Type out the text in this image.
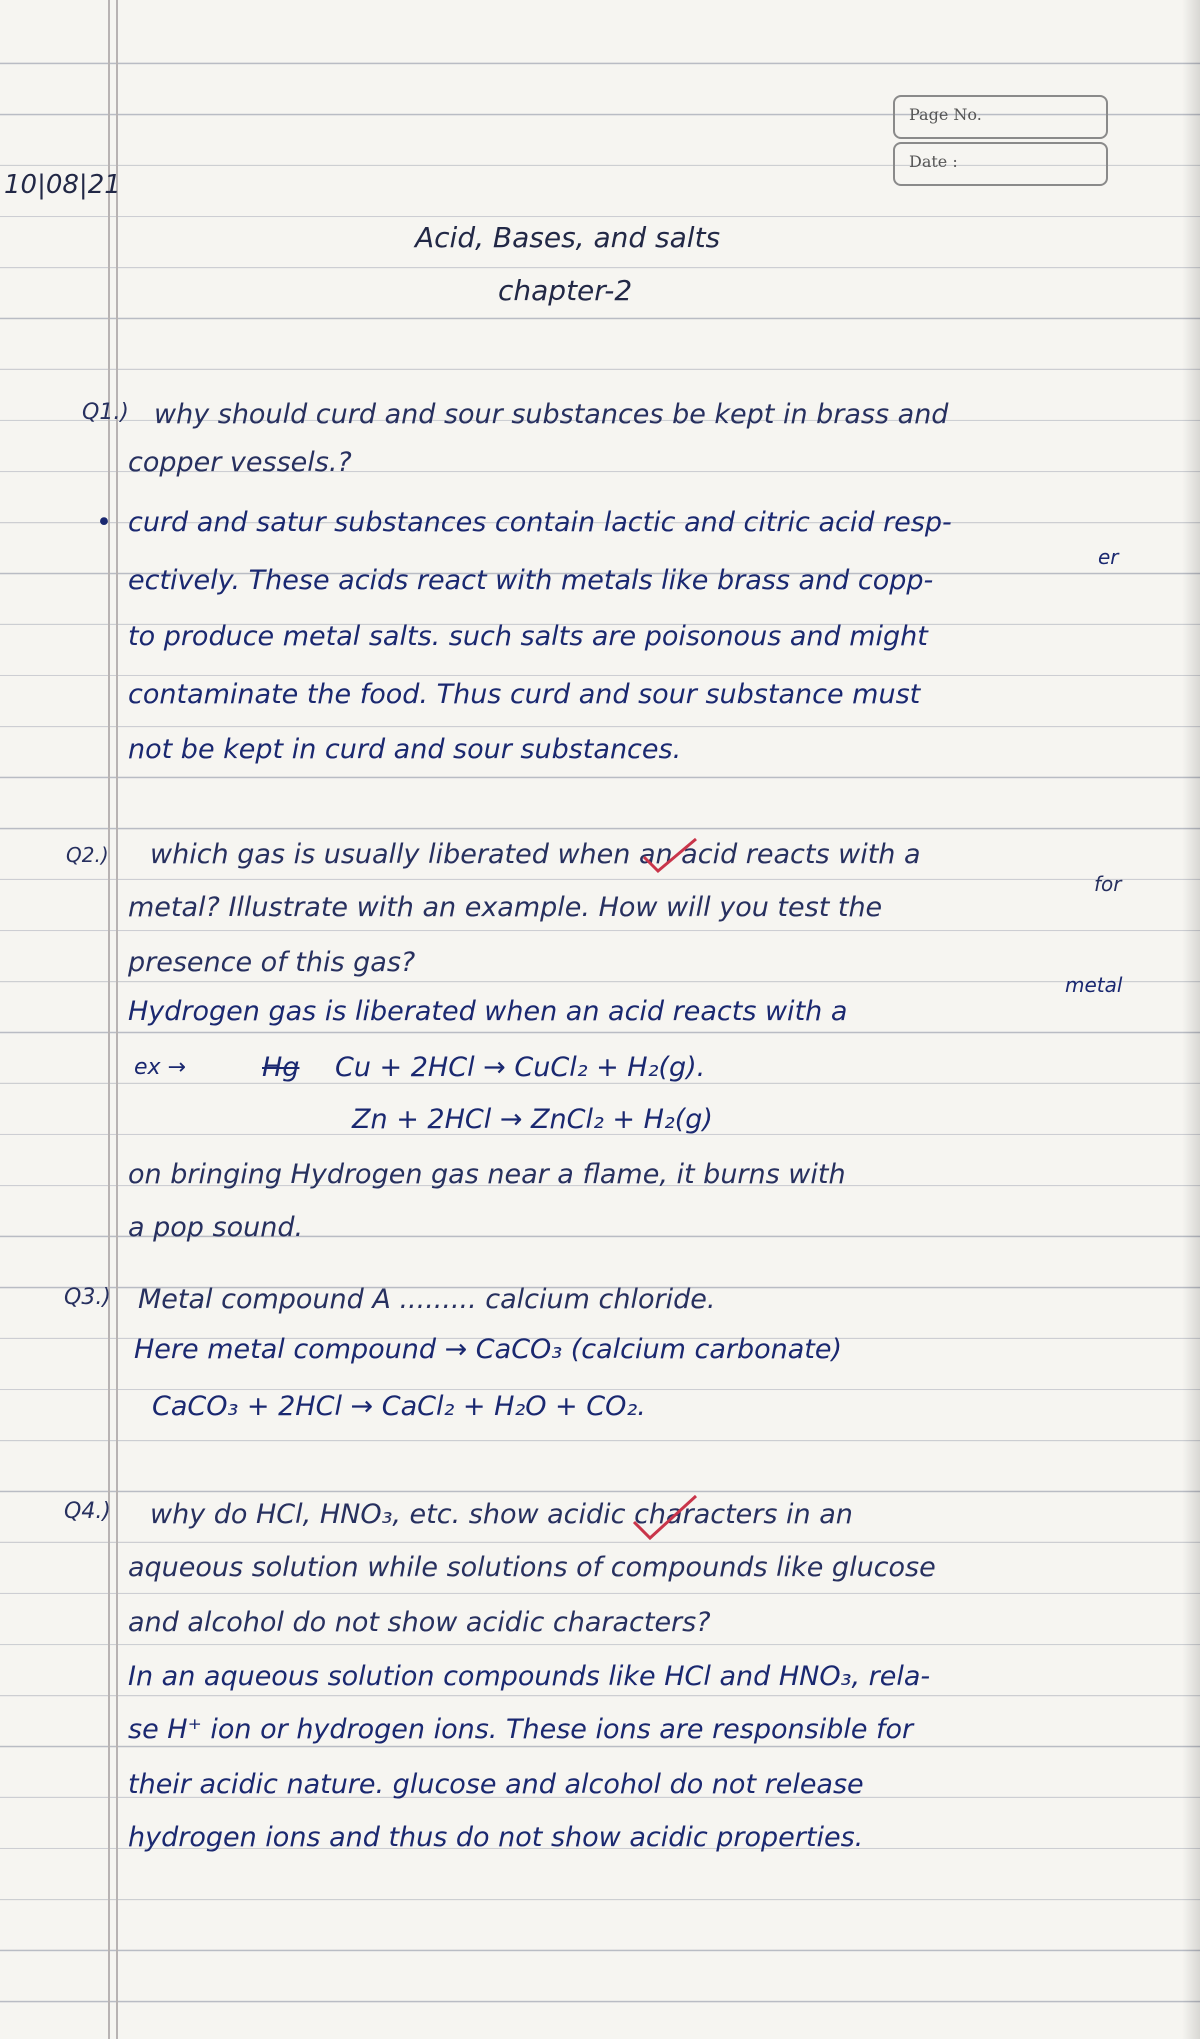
Page No.
Date :
10|08|21
Acid, Bases, and salts
chapter-2
Q1.) why should curd and sour substances be kept in brass and
copper vessels.?
• curd and satur substances contain lactic and citric acid resp-
er
ectively. These acids react with metals like brass and copp-
to produce metal salts. such salts are poisonous and might
contaminate the food. Thus curd and sour substance must
not be kept in curd and sour substances.
Q2.) which gas is usually liberated when an acid reacts with a
for
metal? Illustrate with an example. How will you test the
presence of this gas?
metal
Hydrogen gas is liberated when an acid reacts with a
ex →	Hg Cu + 2HCl → CuCl₂ + H₂(g).
Zn + 2HCl → ZnCl₂ + H₂(g)
on bringing Hydrogen gas near a flame, it burns with
a pop sound.
Q3.) Metal compound A ......... calcium chloride.
Here metal compound → CaCO₃ (calcium carbonate)
CaCO₃ + 2HCl → CaCl₂ + H₂O + CO₂.
Q4.) why do HCl, HNO₃, etc. show acidic characters in an
aqueous solution while solutions of compounds like glucose
and alcohol do not show acidic characters?
In an aqueous solution compounds like HCl and HNO₃, rela-
se H⁺ ion or hydrogen ions. These ions are responsible for
their acidic nature. glucose and alcohol do not release
hydrogen ions and thus do not show acidic properties.
